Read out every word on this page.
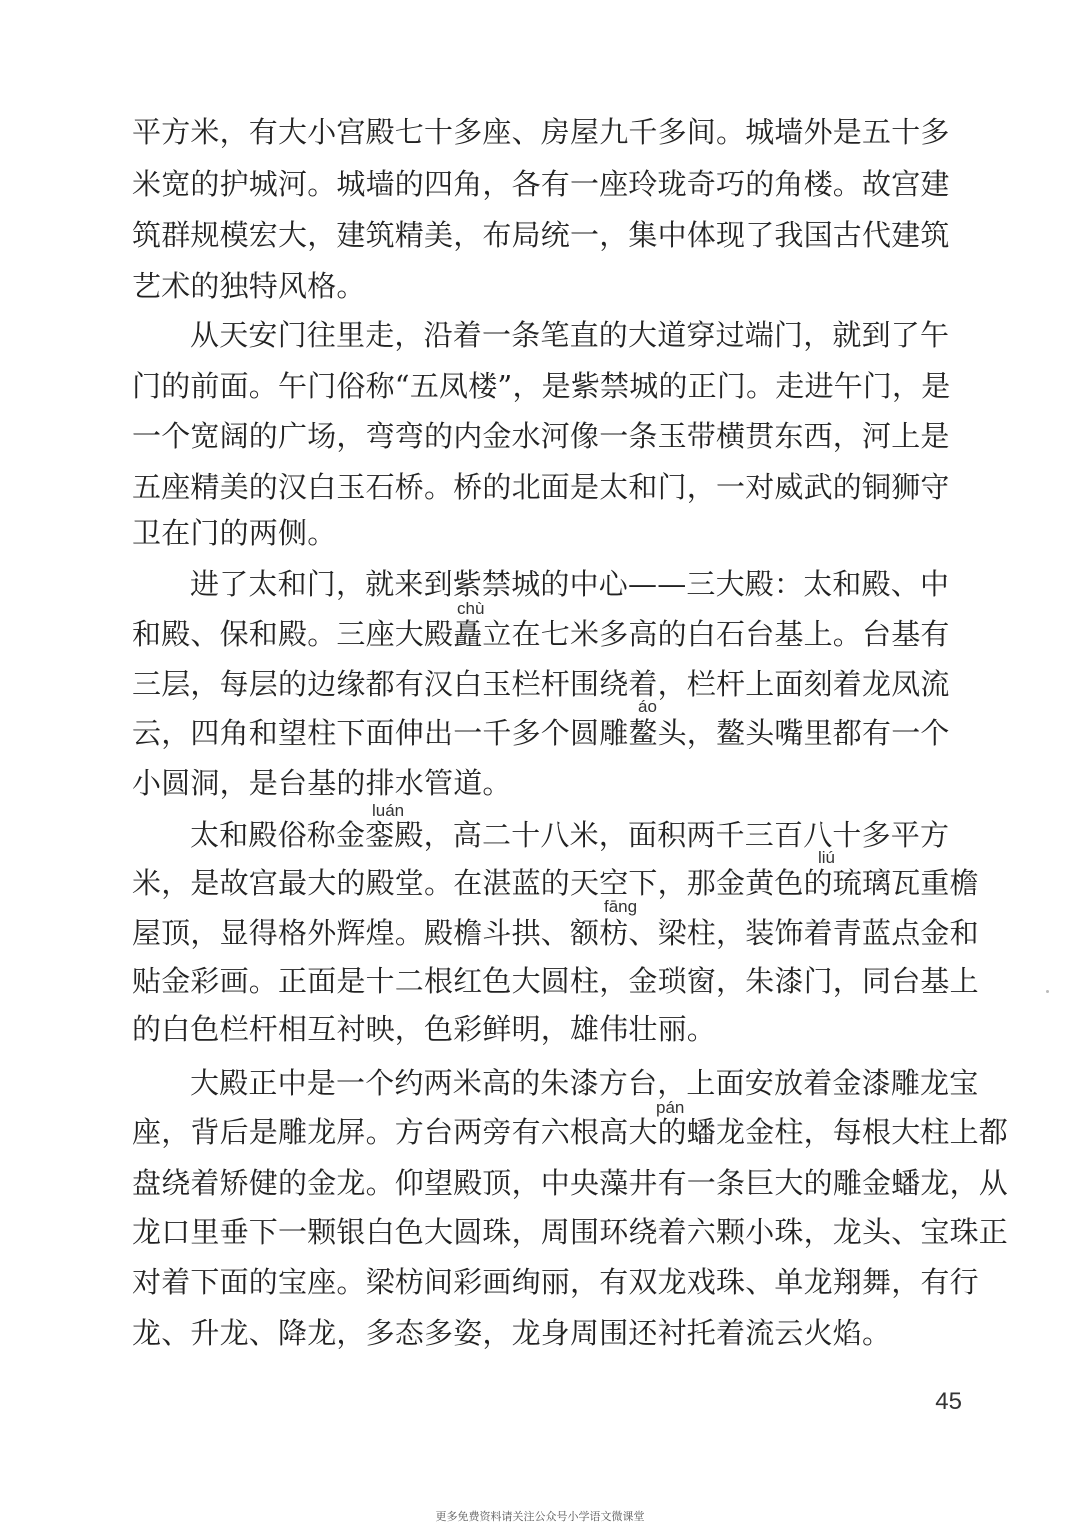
平方米，有大小宫殿七十多座、房屋九千多间。城墙外是五十多
米宽的护城河。城墙的四角，各有一座玲珑奇巧的角楼。故宫建
筑群规模宏大，建筑精美，布局统一，集中体现了我国古代建筑
艺术的独特风格。
从天安门往里走，沿着一条笔直的大道穿过端门，就到了午
门的前面。午门俗称“五凤楼”，是紫禁城的正门。走进午门，是
一个宽阔的广场，弯弯的内金水河像一条玉带横贯东西，河上是
五座精美的汉白玉石桥。桥的北面是太和门，一对威武的铜狮守
卫在门的两侧。
进了太和门，就来到紫禁城的中心——三大殿：太和殿、中
chù
和殿、保和殿。三座大殿矗立在七米多高的白石台基上。台基有
三层，每层的边缘都有汉白玉栏杆围绕着，栏杆上面刻着龙凤流
áo
云，四角和望柱下面伸出一千多个圆雕鳌头，鳌头嘴里都有一个
小圆洞，是台基的排水管道。
luán
太和殿俗称金銮殿，高二十八米，面积两千三百八十多平方
liú
米，是故宫最大的殿堂。在湛蓝的天空下，那金黄色的琉璃瓦重檐
fāng
屋顶，显得格外辉煌。殿檐斗拱、额枋、梁柱，装饰着青蓝点金和
贴金彩画。正面是十二根红色大圆柱，金琐窗，朱漆门，同台基上
的白色栏杆相互衬映，色彩鲜明，雄伟壮丽。
大殿正中是一个约两米高的朱漆方台，上面安放着金漆雕龙宝
pán
座，背后是雕龙屏。方台两旁有六根高大的蟠龙金柱，每根大柱上都
盘绕着矫健的金龙。仰望殿顶，中央藻井有一条巨大的雕金蟠龙，从
龙口里垂下一颗银白色大圆珠，周围环绕着六颗小珠，龙头、宝珠正
对着下面的宝座。梁枋间彩画绚丽，有双龙戏珠、单龙翔舞，有行
龙、升龙、降龙，多态多姿，龙身周围还衬托着流云火焰。
45
更多免费资料请关注公众号小学语文微课堂
